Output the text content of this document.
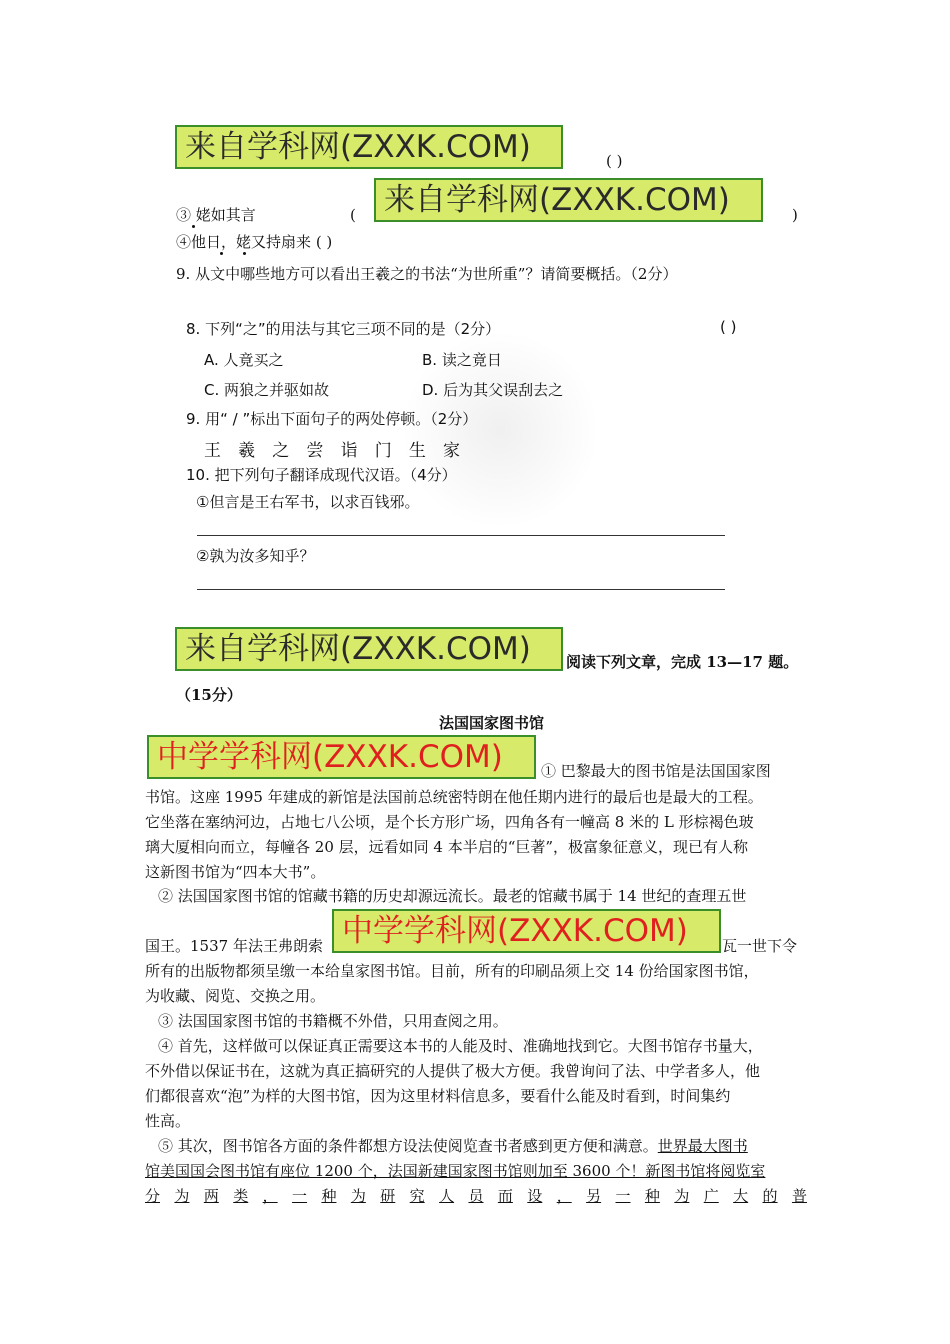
来自学科网(ZXXK.COM)
来自学科网(ZXXK.COM)
来自学科网(ZXXK.COM)
中学学科网(ZXXK.COM)
中学学科网(ZXXK.COM)
( )
③ 姥如其言	(	)
④他日，姥又持扇来 ( )
9. 从文中哪些地方可以看出王羲之的书法“为世所重”？请简要概括。（2分）
8. 下列“之”的用法与其它三项不同的是（2分）	( )
A. 人竟买之	B. 读之竟日
C. 两狼之并驱如故	D. 后为其父误刮去之
9. 用“ / ”标出下面句子的两处停顿。（2分）
王 羲 之 尝 诣 门 生 家
10. 把下列句子翻译成现代汉语。（4分）
①但言是王右军书，以求百钱邪。
②孰为汝多知乎？
阅读下列文章，完成 13—17 题。
（15分）
法国国家图书馆
① 巴黎最大的图书馆是法国国家图
书馆。这座 1995 年建成的新馆是法国前总统密特朗在他任期内进行的最后也是最大的工程。
它坐落在塞纳河边，占地七八公顷，是个长方形广场，四角各有一幢高 8 米的 L 形棕褐色玻
璃大厦相向而立，每幢各 20 层，远看如同 4 本半启的“巨著”，极富象征意义，现已有人称
这新图书馆为“四本大书”。
② 法国国家图书馆的馆藏书籍的历史却源远流长。最老的馆藏书属于 14 世纪的查理五世
国王。1537 年法王弗朗索	瓦一世下令
所有的出版物都须呈缴一本给皇家图书馆。目前，所有的印刷品须上交 14 份给国家图书馆，
为收藏、阅览、交换之用。
③ 法国国家图书馆的书籍概不外借，只用查阅之用。
④ 首先，这样做可以保证真正需要这本书的人能及时、准确地找到它。大图书馆存书量大，
不外借以保证书在，这就为真正搞研究的人提供了极大方便。我曾询问了法、中学者多人，他
们都很喜欢“泡”为样的大图书馆，因为这里材料信息多，要看什么能及时看到，时间集约
性高。
⑤ 其次，图书馆各方面的条件都想方设法使阅览查书者感到更方便和满意。世界最大图书
馆美国国会图书馆有座位 1200 个，法国新建国家图书馆则加至 3600 个！新图书馆将阅览室
分 为 两 类 ， 一 种 为 研 究 人 员 而 设 ， 另 一 种 为 广 大 的 普
